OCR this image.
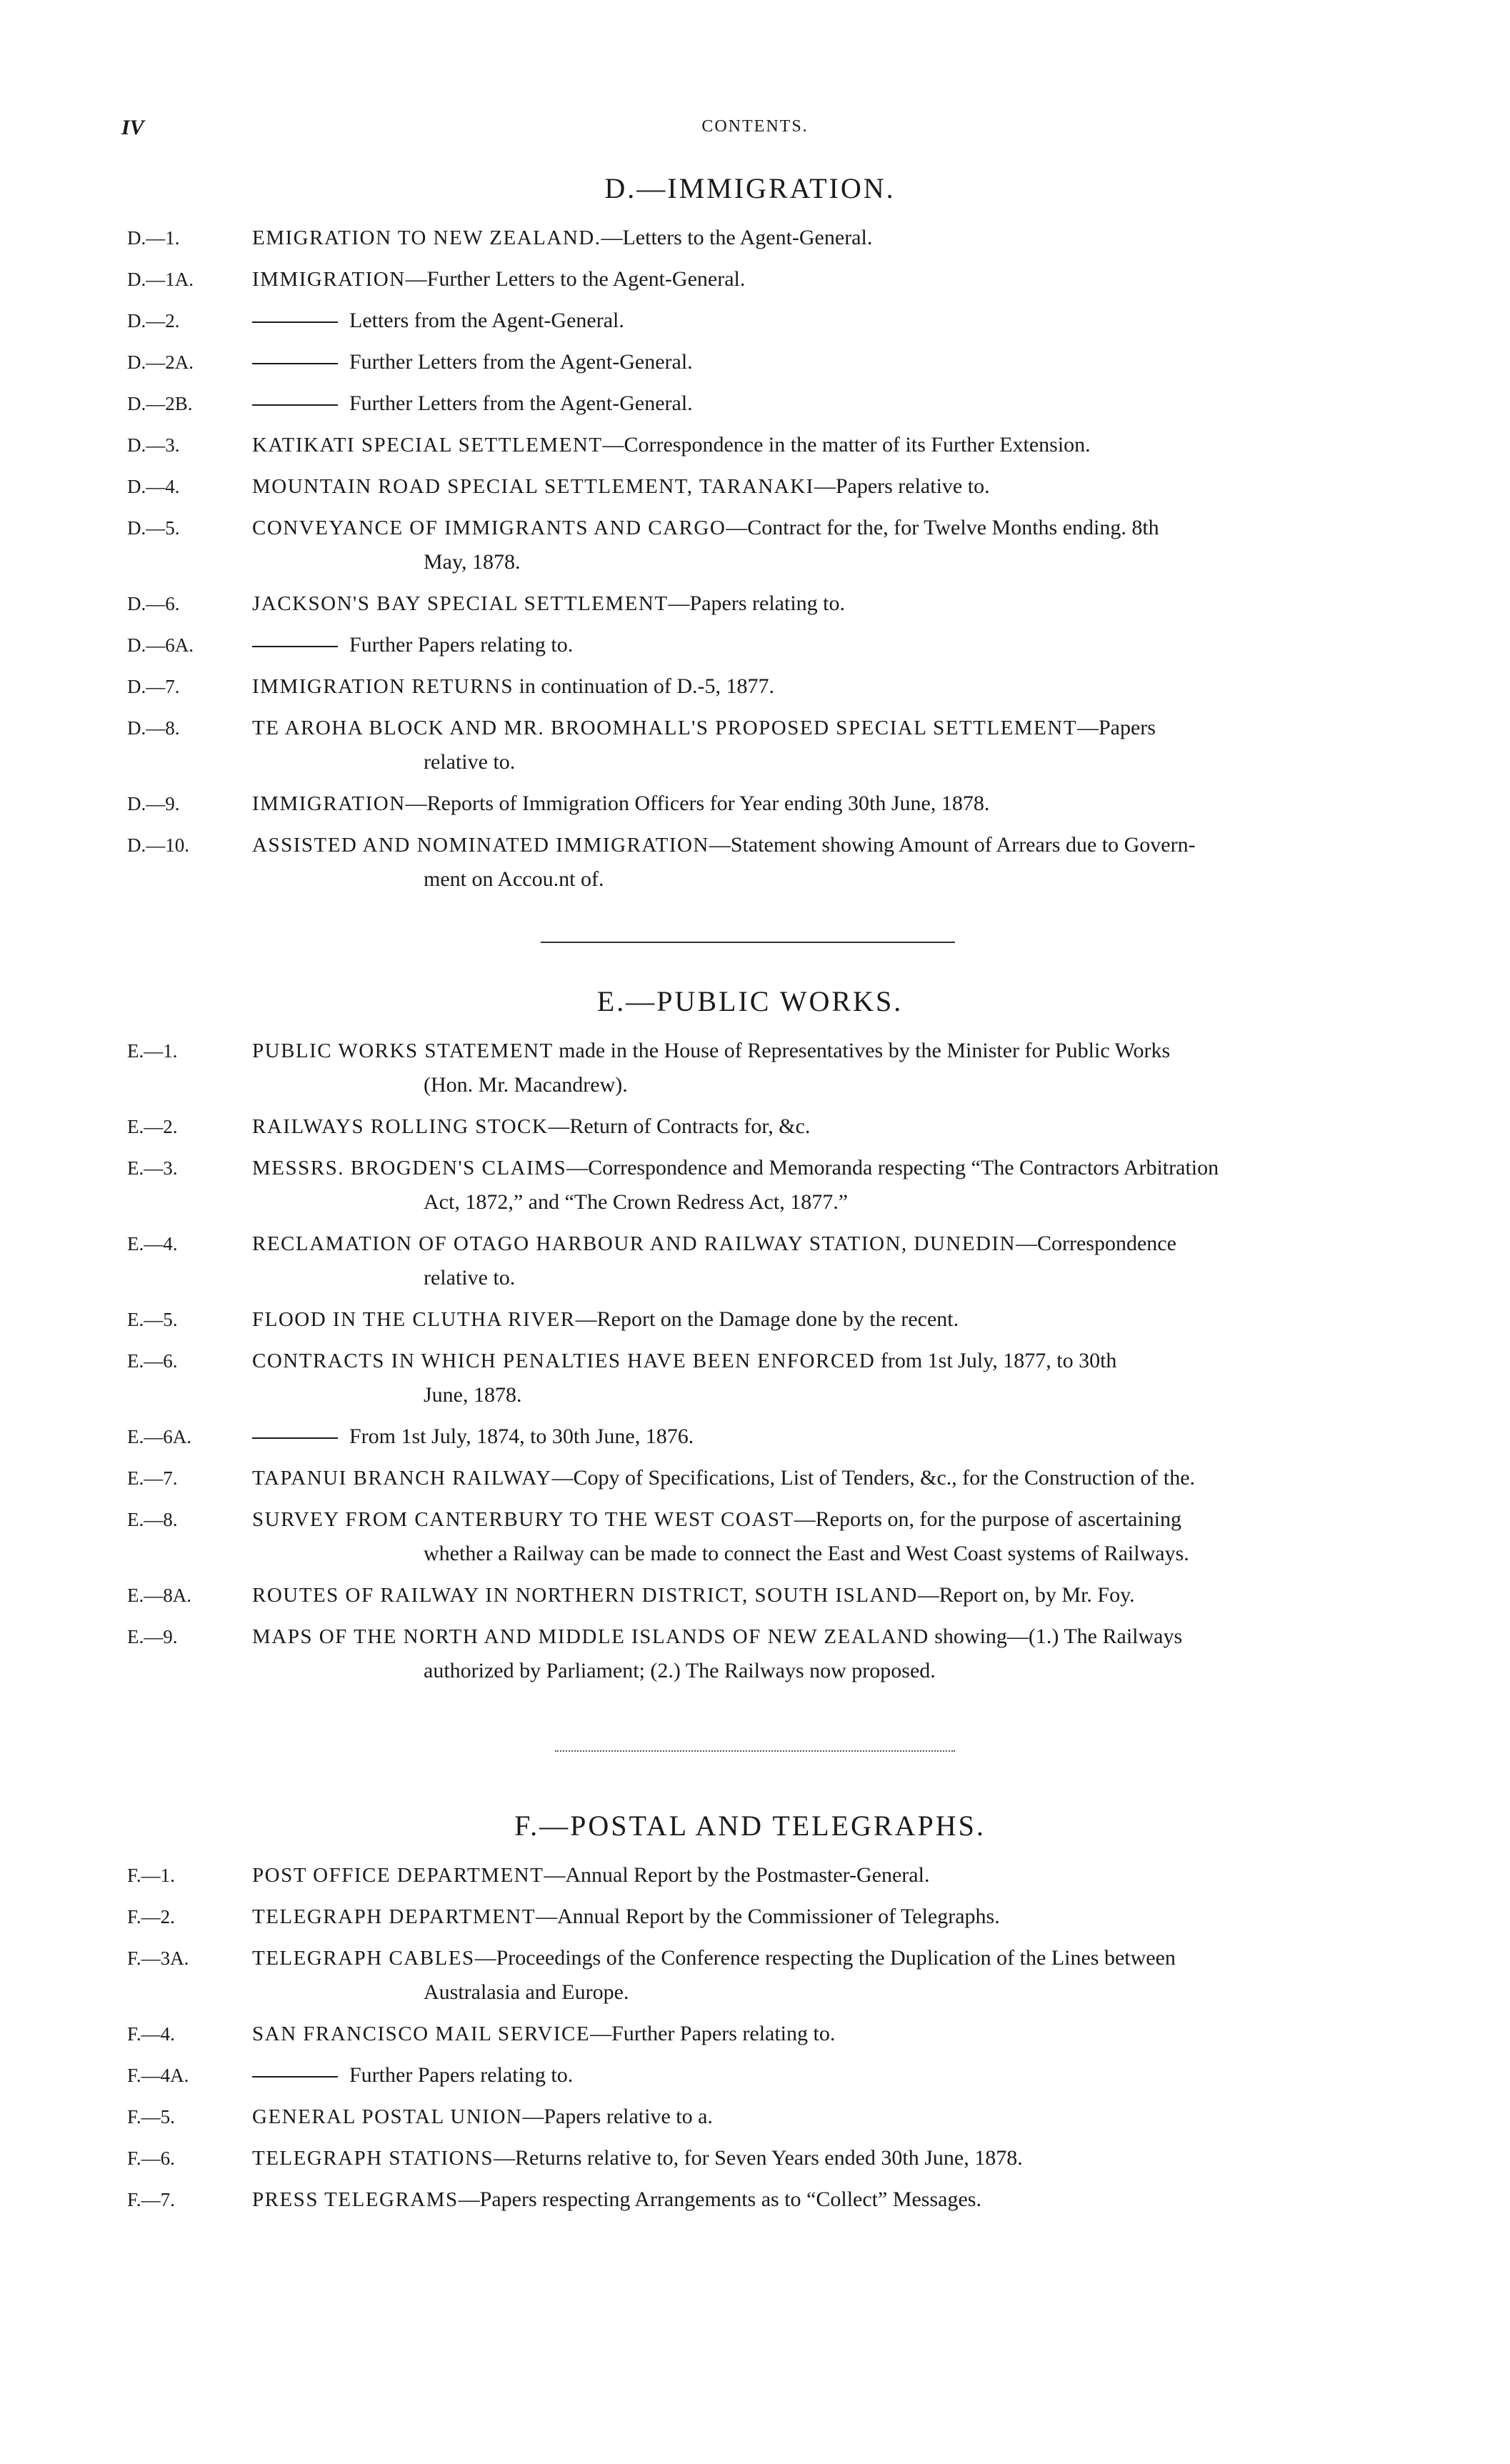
IV	CONTENTS.
D.—IMMIGRATION.
D.—1.	EMIGRATION TO NEW ZEALAND.—Letters to the Agent-General.
D.—1A.	IMMIGRATION—Further Letters to the Agent-General.
D.—2.	Letters from the Agent-General.
D.—2A.	Further Letters from the Agent-General.
D.—2B.	Further Letters from the Agent-General.
D.—3.	KATIKATI SPECIAL SETTLEMENT—Correspondence in the matter of its Further Extension.
D.—4.	MOUNTAIN ROAD SPECIAL SETTLEMENT, TARANAKI—Papers relative to.
D.—5.	CONVEYANCE OF IMMIGRANTS AND CARGO—Contract for the, for Twelve Months ending. 8th
May, 1878.
D.—6.	JACKSON'S BAY SPECIAL SETTLEMENT—Papers relating to.
D.—6A.	Further Papers relating to.
D.—7.	IMMIGRATION RETURNS in continuation of D.-5, 1877.
D.—8.	TE AROHA BLOCK AND MR. BROOMHALL'S PROPOSED SPECIAL SETTLEMENT—Papers
relative to.
D.—9.	IMMIGRATION—Reports of Immigration Officers for Year ending 30th June, 1878.
D.—10.	ASSISTED AND NOMINATED IMMIGRATION—Statement showing Amount of Arrears due to Govern-
ment on Accou.nt of.
E.—PUBLIC WORKS.
E.—1.	PUBLIC WORKS STATEMENT made in the House of Representatives by the Minister for Public Works
(Hon. Mr. Macandrew).
E.—2.	RAILWAYS ROLLING STOCK—Return of Contracts for, &c.
E.—3.	MESSRS. BROGDEN'S CLAIMS—Correspondence and Memoranda respecting “The Contractors Arbitration
Act, 1872,” and “The Crown Redress Act, 1877.”
E.—4.	RECLAMATION OF OTAGO HARBOUR AND RAILWAY STATION, DUNEDIN—Correspondence
relative to.
E.—5.	FLOOD IN THE CLUTHA RIVER—Report on the Damage done by the recent.
E.—6.	CONTRACTS IN WHICH PENALTIES HAVE BEEN ENFORCED from 1st July, 1877, to 30th
June, 1878.
E.—6A.	From 1st July, 1874, to 30th June, 1876.
E.—7.	TAPANUI BRANCH RAILWAY—Copy of Specifications, List of Tenders, &c., for the Construction of the.
E.—8.	SURVEY FROM CANTERBURY TO THE WEST COAST—Reports on, for the purpose of ascertaining
whether a Railway can be made to connect the East and West Coast systems of Railways.
E.—8A.	ROUTES OF RAILWAY IN NORTHERN DISTRICT, SOUTH ISLAND—Report on, by Mr. Foy.
E.—9.	MAPS OF THE NORTH AND MIDDLE ISLANDS OF NEW ZEALAND showing—(1.) The Railways
authorized by Parliament; (2.) The Railways now proposed.
F.—POSTAL AND TELEGRAPHS.
F.—1.	POST OFFICE DEPARTMENT—Annual Report by the Postmaster-General.
F.—2.	TELEGRAPH DEPARTMENT—Annual Report by the Commissioner of Telegraphs.
F.—3A.	TELEGRAPH CABLES—Proceedings of the Conference respecting the Duplication of the Lines between
Australasia and Europe.
F.—4.	SAN FRANCISCO MAIL SERVICE—Further Papers relating to.
F.—4A.	Further Papers relating to.
F.—5.	GENERAL POSTAL UNION—Papers relative to a.
F.—6.	TELEGRAPH STATIONS—Returns relative to, for Seven Years ended 30th June, 1878.
F.—7.	PRESS TELEGRAMS—Papers respecting Arrangements as to “Collect” Messages.
